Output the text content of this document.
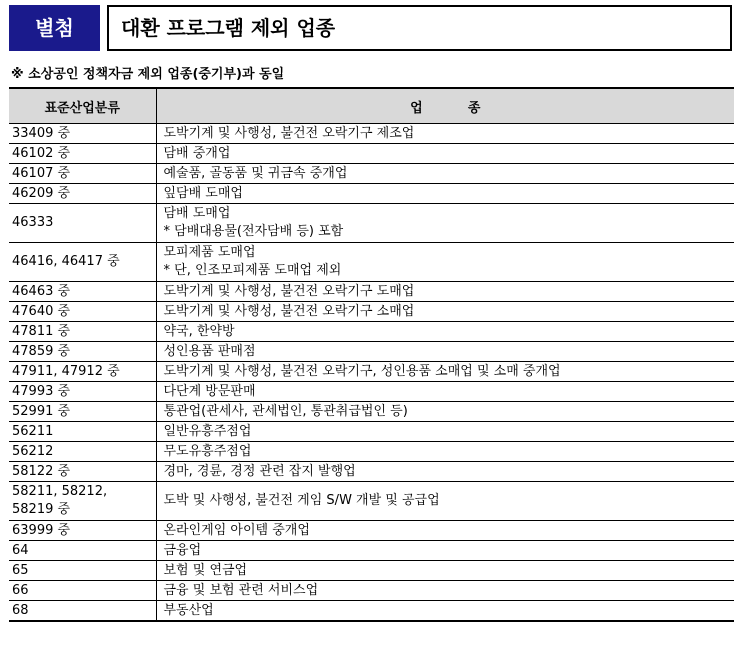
별첨	대환 프로그램 제외 업종
※ 소상공인 정책자금 제외 업종(중기부)과 동일
표준산업분류	업          종

33409 중	도박기계 및 사행성, 불건전 오락기구 제조업

46102 중	담배 중개업

46107 중	예술품, 골동품 및 귀금속 중개업

46209 중	잎담배 도매업

46333	담배 도매업
* 담배대용물(전자담배 등) 포함

46416, 46417 중	모피제품 도매업
* 단, 인조모피제품 도매업 제외

46463 중	도박기계 및 사행성, 불건전 오락기구 도매업

47640 중	도박기계 및 사행성, 불건전 오락기구 소매업

47811 중	약국, 한약방

47859 중	성인용품 판매점

47911, 47912 중	도박기계 및 사행성, 불건전 오락기구, 성인용품 소매업 및 소매 중개업

47993 중	다단계 방문판매

52991 중	통관업(관세사, 관세법인, 통관취급법인 등)

56211	일반유흥주점업

56212	무도유흥주점업

58122 중	경마, 경륜, 경정 관련 잡지 발행업

58211, 58212,
58219 중	도박 및 사행성, 불건전 게임 S/W 개발 및 공급업

63999 중	온라인게임 아이템 중개업

64	금융업

65	보험 및 연금업

66	금융 및 보험 관련 서비스업

68	부동산업
